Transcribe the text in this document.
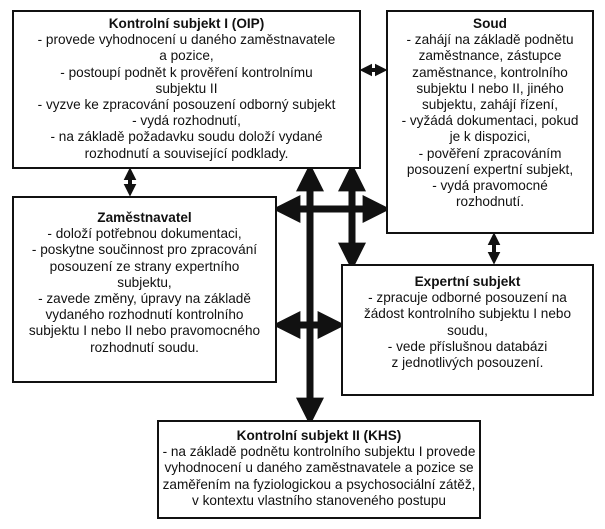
Kontrolní subjekt I (OIP)
- provede vyhodnocení u daného zaměstnavatele
a pozice,
- postoupí podnět k prověření kontrolnímu
subjektu II
- vyzve ke zpracování posouzení odborný subjekt
- vydá rozhodnutí,
- na základě požadavku soudu doloží vydané
rozhodnutí a související podklady.
Soud
- zahájí na základě podnětu
zaměstnance, zástupce
zaměstnance, kontrolního
subjektu I nebo II, jiného
subjektu, zahájí řízení,
- vyžádá dokumentaci, pokud
je k dispozici,
- pověření zpracováním
posouzení expertní subjekt,
- vydá pravomocné
rozhodnutí.
Zaměstnavatel
- doloží potřebnou dokumentaci,
- poskytne součinnost pro zpracování
posouzení ze strany expertního
subjektu,
- zavede změny, úpravy na základě
vydaného rozhodnutí kontrolního
subjektu I nebo II nebo pravomocného
rozhodnutí soudu.
Expertní subjekt
- zpracuje odborné posouzení na
žádost kontrolního subjektu I nebo
soudu,
- vede příslušnou databázi
z jednotlivých posouzení.
Kontrolní subjekt II (KHS)
- na základě podnětu kontrolního subjektu I provede
vyhodnocení u daného zaměstnavatele a pozice se
zaměřením na fyziologickou a psychosociální zátěž,
v kontextu vlastního stanoveného postupu
